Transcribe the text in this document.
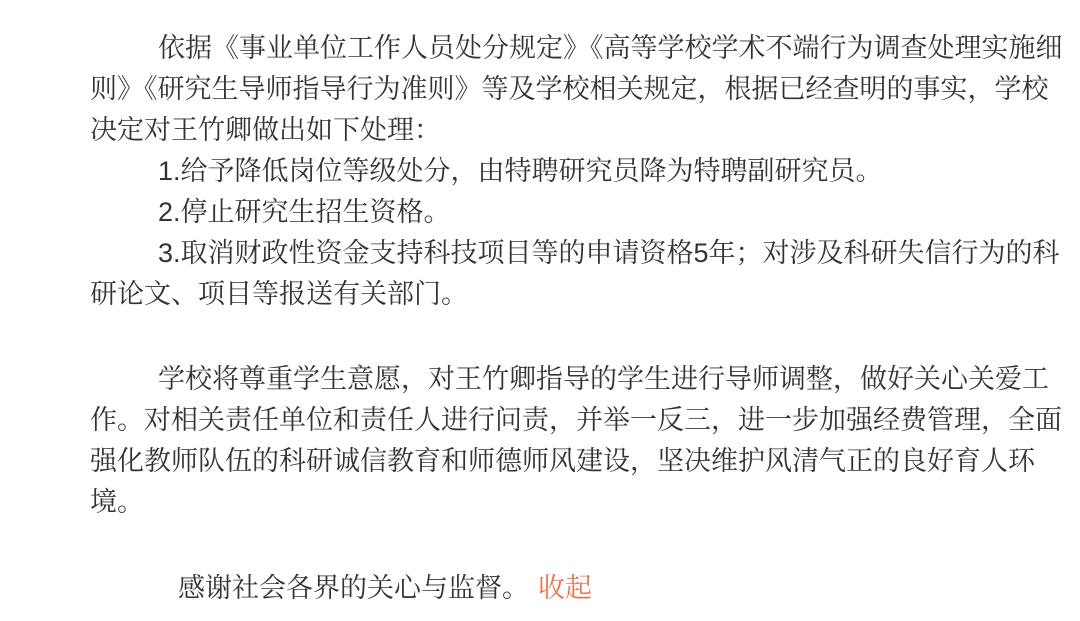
依据《事业单位工作人员处分规定》《高等学校学术不端行为调查处理实施细则》《研究生导师指导行为准则》等及学校相关规定，根据已经查明的事实，学校决定对王竹卿做出如下处理：

1.给予降低岗位等级处分，由特聘研究员降为特聘副研究员。

2.停止研究生招生资格。

3.取消财政性资金支持科技项目等的申请资格5年；对涉及科研失信行为的科研论文、项目等报送有关部门。

学校将尊重学生意愿，对王竹卿指导的学生进行导师调整，做好关心关爱工作。对相关责任单位和责任人进行问责，并举一反三，进一步加强经费管理，全面强化教师队伍的科研诚信教育和师德师风建设，坚决维护风清气正的良好育人环境。

感谢社会各界的关心与监督。 收起
